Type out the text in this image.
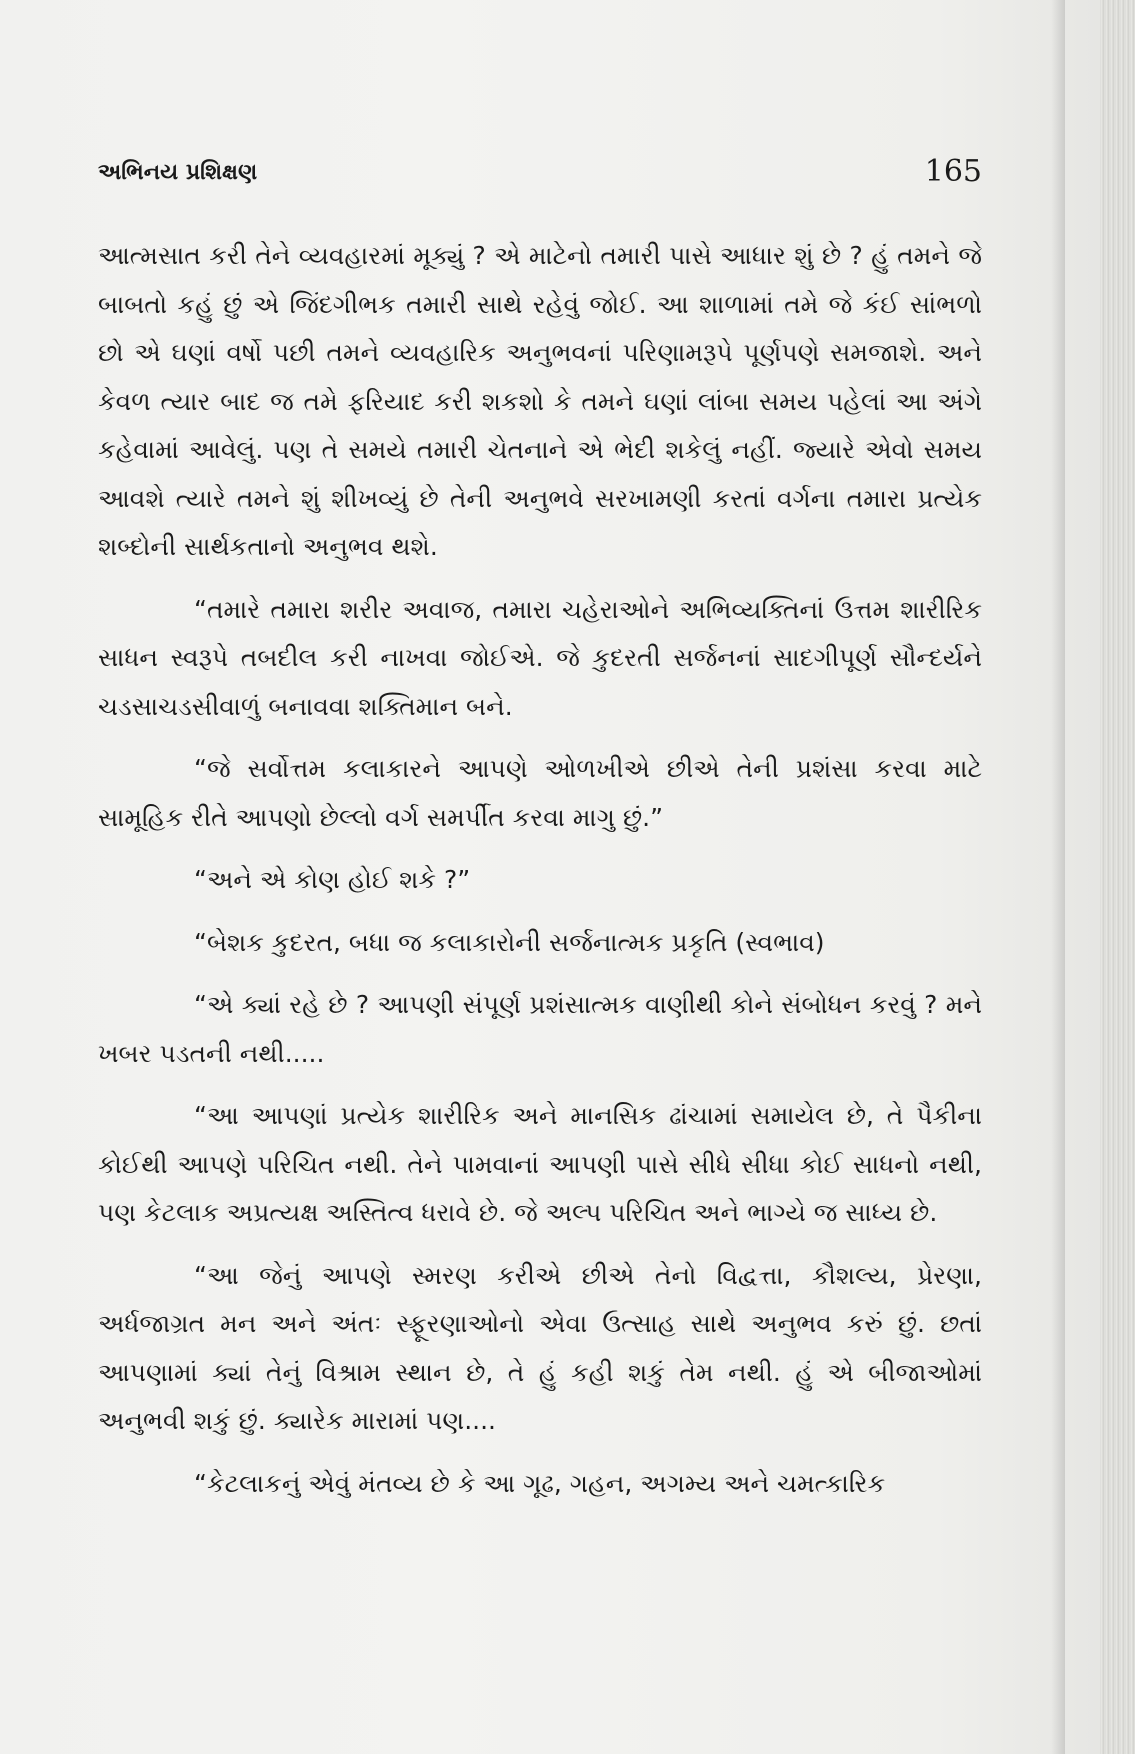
અભિનય પ્રશિક્ષણ	165

આત્મસાત કરી તેને વ્યવહારમાં મૂક્યું ? એ માટેનો તમારી પાસે આધાર શું છે ? હું તમને જે બાબતો કહું છું એ જિંદગીભક તમારી સાથે રહેવું જોઈ. આ શાળામાં તમે જે કંઈ સાંભળો છો એ ઘણાં વર્ષો પછી તમને વ્યવહારિક અનુભવનાં પરિણામરૂપે પૂર્ણપણે સમજાશે. અને કેવળ ત્યાર બાદ જ તમે ફરિયાદ કરી શકશો કે તમને ઘણાં લાંબા સમય પહેલાં આ અંગે કહેવામાં આવેલું. પણ તે સમયે તમારી ચેતનાને એ ભેદી શકેલું નહીં. જ્યારે એવો સમય આવશે ત્યારે તમને શું શીખવ્યું છે તેની અનુભવે સરખામણી કરતાં વર્ગના તમારા પ્રત્યેક શબ્દોની સાર્થકતાનો અનુભવ થશે.

“તમારે તમારા શરીર અવાજ, તમારા ચહેરાઓને અભિવ્યક્તિનાં ઉત્તમ શારીરિક સાધન સ્વરૂપે તબદીલ કરી નાખવા જોઈએ. જે કુદરતી સર્જનનાં સાદગીપૂર્ણ સૌન્દર્યને ચડસાચડસીવાળું બનાવવા શક્તિમાન બને.

“જે સર્વોત્તમ કલાકારને આપણે ઓળખીએ છીએ તેની પ્રશંસા કરવા માટે સામૂહિક રીતે આપણો છેલ્લો વર્ગ સમર્પીત કરવા માગુ છું.”

“અને એ કોણ હોઈ શકે ?”

“બેશક કુદરત, બધા જ કલાકારોની સર્જનાત્મક પ્રકૃતિ (સ્વભાવ)

“એ ક્યાં રહે છે ? આપણી સંપૂર્ણ પ્રશંસાત્મક વાણીથી કોને સંબોધન કરવું ? મને ખબર પડતની નથી.....

“આ આપણાં પ્રત્યેક શારીરિક અને માનસિક ઢાંચામાં સમાયેલ છે, તે પૈકીના કોઈથી આપણે પરિચિત નથી. તેને પામવાનાં આપણી પાસે સીધે સીધા કોઈ સાધનો નથી, પણ કેટલાક અપ્રત્યક્ષ અસ્તિત્વ ધરાવે છે. જે અલ્પ પરિચિત અને ભાગ્યે જ સાધ્ય છે.

“આ જેનું આપણે સ્મરણ કરીએ છીએ તેનો વિદ્વત્તા, કૌશલ્ય, પ્રેરણા, અર્ધજાગ્રત મન અને અંતઃ સ્ફૂરણાઓનો એવા ઉત્સાહ સાથે અનુભવ કરું છું. છતાં આપણામાં ક્યાં તેનું વિશ્રામ સ્થાન છે, તે હું કહી શકું તેમ નથી. હું એ બીજાઓમાં અનુભવી શકું છું. ક્યારેક મારામાં પણ....

“કેટલાકનું એવું મંતવ્ય છે કે આ ગૂઢ, ગહન, અગમ્ય અને ચમત્કારિક
